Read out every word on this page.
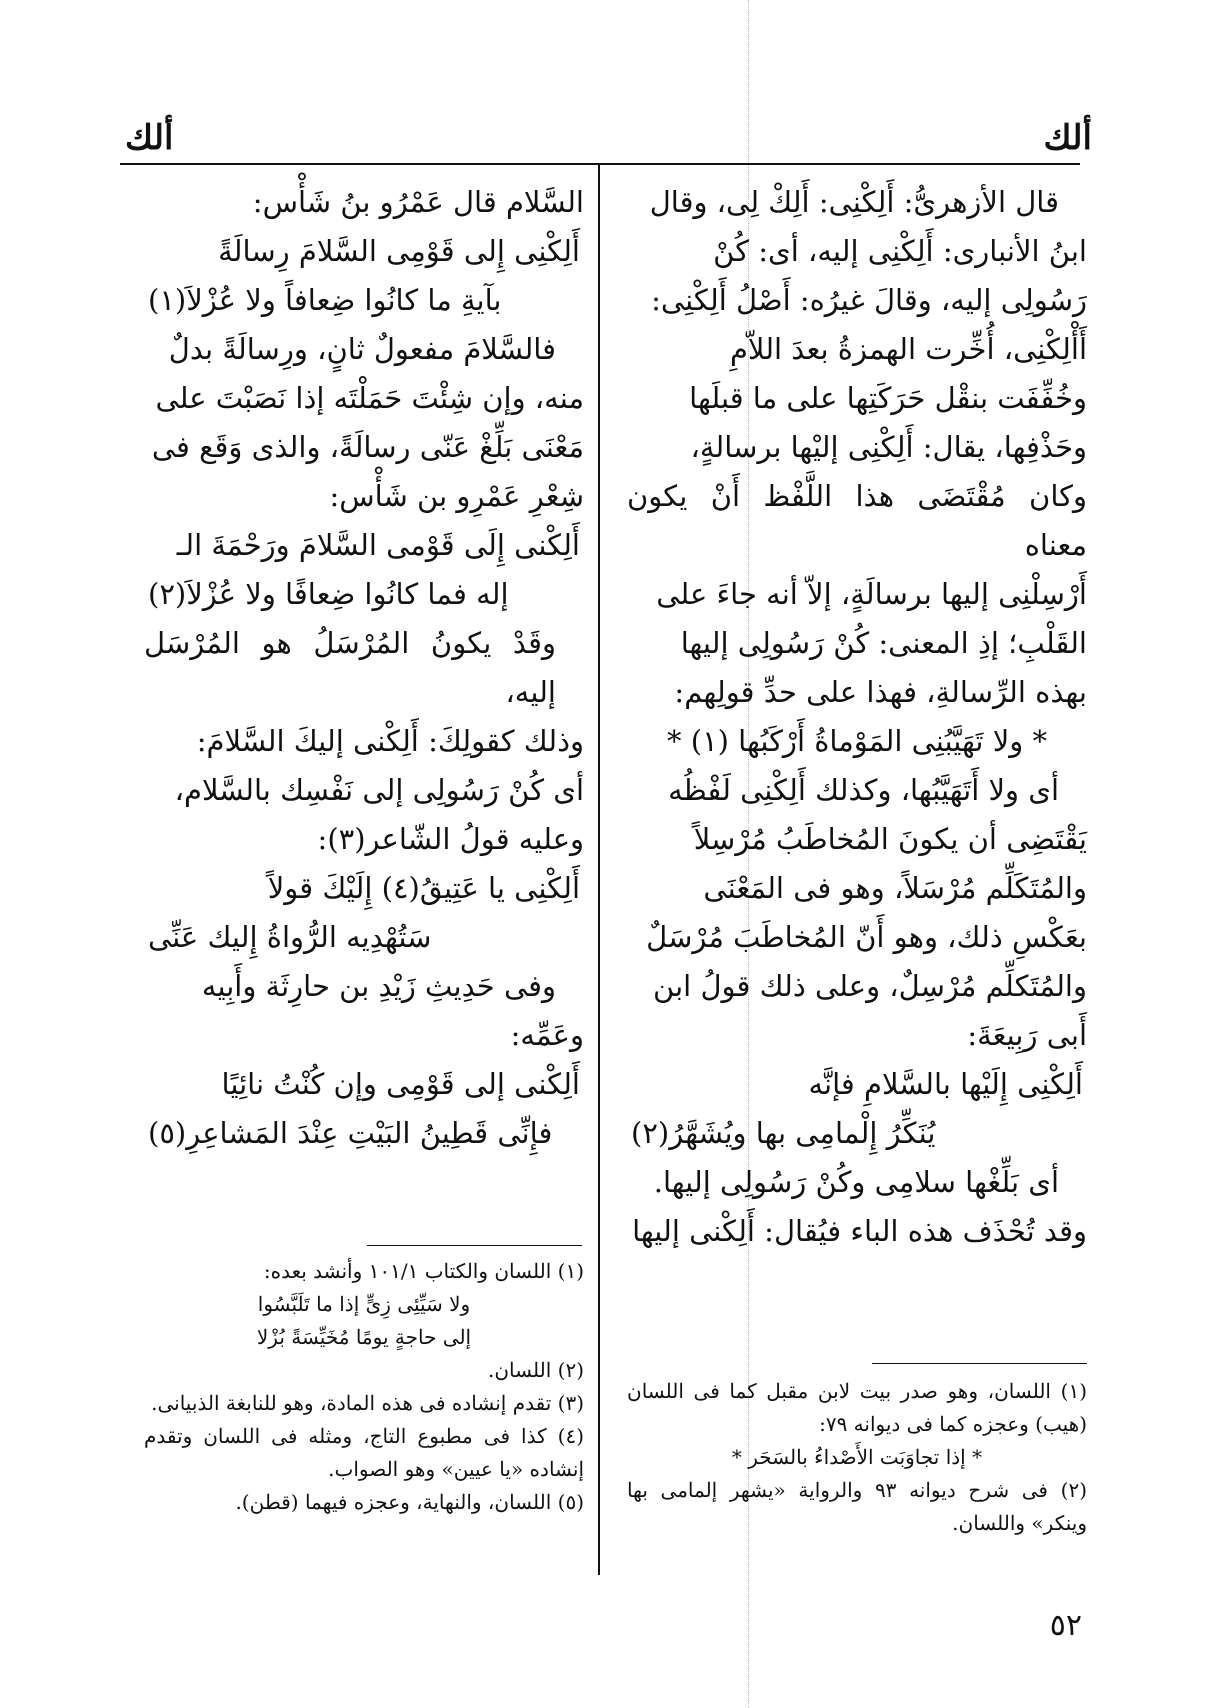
ألك
ألك

قال الأزهرىُّ: أَلِكْنِى: أَلِكْ لِى، وقال

ابنُ الأنبارى: أَلِكْنِى إليه، أى: كُنْ

رَسُولِى إليه، وقالَ غيرُه: أَصْلُ أَلِكْنِى:

أَأْلِكْنِى، أُخِّرت الهمزةُ بعدَ اللاّمِ

وخُفِّفَت بنقْل حَرَكَتِها على ما قبلَها

وحَذْفِها، يقال: أَلِكْنِى إليْها برسالةٍ،

وكان مُقْتَضَى هذا اللَّفْظ أَنْ يكون معناه

أَرْسِلْنِى إليها برسالَةٍ، إلاّ أنه جاءَ على

القَلْبِ؛ إذِ المعنى: كُنْ رَسُولِى إليها

بهذه الرِّسالةِ، فهذا على حدِّ قولِهم:

* ولا تَهَيَّبُنِى المَوْماةُ أَرْكَبُها (١) *

أى ولا أَتَهَيَّبُها، وكذلك أَلِكْنِى لَفْظُه

يَقْتَضِى أن يكونَ المُخاطَبُ مُرْسِلاً

والمُتَكَلِّم مُرْسَلاً، وهو فى المَعْنَى

بعَكْسِ ذلك، وهو أَنّ المُخاطَبَ مُرْسَلٌ

والمُتَكلِّم مُرْسِلٌ، وعلى ذلك قولُ ابن

أَبى رَبِيعَةَ:

أَلِكْنِى إِلَيْها بالسَّلامِ فإنَّه
يُنَكِّرُ إِلْمامِى بها ويُشَهَّرُ(٢)

أى بَلِّغْها سلامِى وكُنْ رَسُولِى إليها.

وقد تُحْذَف هذه الباء فيُقال: أَلِكْنى إليها

السَّلام قال عَمْرُو بنُ شَأْس:

أَلِكْنِى إِلى قَوْمِى السَّلامَ رِسالَةً
بآيةِ ما كانُوا ضِعافاً ولا عُزْلاَ(١)

فالسَّلامَ مفعولٌ ثانٍ، ورِسالَةً بدلٌ

منه، وإن شِئْتَ حَمَلْتَه إذا نَصَبْتَ على

مَعْنَى بَلِّغْ عَنّى رسالَةً، والذى وَقَع فى

شِعْرِ عَمْرِو بن شَأْس:

أَلِكْنى إِلَى قَوْمى السَّلامَ ورَحْمَةَ الـ
إله فما كانُوا ضِعافًا ولا عُزْلاَ(٢)

وقَدْ يكونُ المُرْسَلُ هو المُرْسَل إليه،

وذلك كقولِكَ: أَلِكْنى إليكَ السَّلامَ:

أى كُنْ رَسُولِى إلى نَفْسِك بالسَّلام،

وعليه قولُ الشّاعر(٣):

أَلِكْنِى يا عَتِيقُ(٤) إِلَيْكَ قولاً
سَتُهْدِيه الرُّواةُ إِليك عَنِّى

وفى حَدِيثِ زَيْدِ بن حارِثَة وأَبِيه

وعَمِّه:

أَلِكْنى إلى قَوْمِى وإن كُنْتُ نائِيًا
فإِنِّى قَطِينُ البَيْتِ عِنْدَ المَشاعِرِ(٥)

(١) اللسان، وهو صدر بيت لابن مقبل كما فى اللسان (هيب) وعجزه كما فى ديوانه ٧٩:

* إذا تجاوَبَت الأَصْداءُ بالسَحَر *

(٢) فى شرح ديوانه ٩٣ والرواية «يشهر إلمامى بها وينكر» واللسان.

(١) اللسان والكتاب ١٠١/١ وأنشد بعده:

ولا سَيِّئِى زِىٍّ إذا ما تَلَبَّسُوا
إلى حاجةٍ يومًا مُخَيِّسَةً بُزْلا

(٢) اللسان.

(٣) تقدم إنشاده فى هذه المادة، وهو للنابغة الذبيانى.

(٤) كذا فى مطبوع التاج، ومثله فى اللسان وتقدم إنشاده «يا عيين» وهو الصواب.

(٥) اللسان، والنهاية، وعجزه فيهما (قطن).

٥٢
